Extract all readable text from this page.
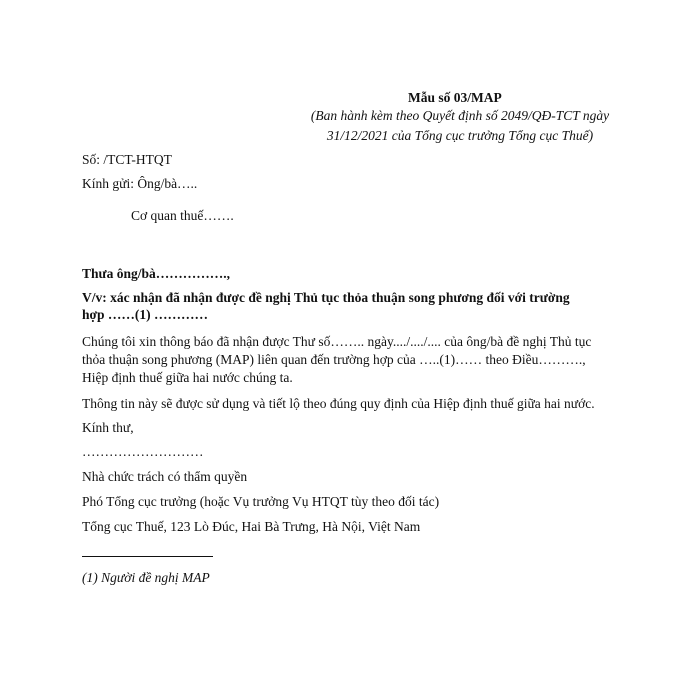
Mẫu số 03/MAP
(Ban hành kèm theo Quyết định số 2049/QĐ-TCT ngày
31/12/2021 của Tổng cục trưởng Tổng cục Thuế)
Số: /TCT-HTQT
Kính gửi: Ông/bà…..
Cơ quan thuế…….
Thưa ông/bà…………….,
V/v: xác nhận đã nhận được đề nghị Thủ tục thỏa thuận song phương đối với trường
hợp ……(1) …………
Chúng tôi xin thông báo đã nhận được Thư số…….. ngày..../..../.... của ông/bà đề nghị Thủ tục
thỏa thuận song phương (MAP) liên quan đến trường hợp của …..(1)…… theo Điều……….,
Hiệp định thuế giữa hai nước chúng ta.
Thông tin này sẽ được sử dụng và tiết lộ theo đúng quy định của Hiệp định thuế giữa hai nước.
Kính thư,
………………………
Nhà chức trách có thẩm quyền
Phó Tổng cục trưởng (hoặc Vụ trưởng Vụ HTQT tùy theo đối tác)
Tổng cục Thuế, 123 Lò Đúc, Hai Bà Trưng, Hà Nội, Việt Nam
(1) Người đề nghị MAP
